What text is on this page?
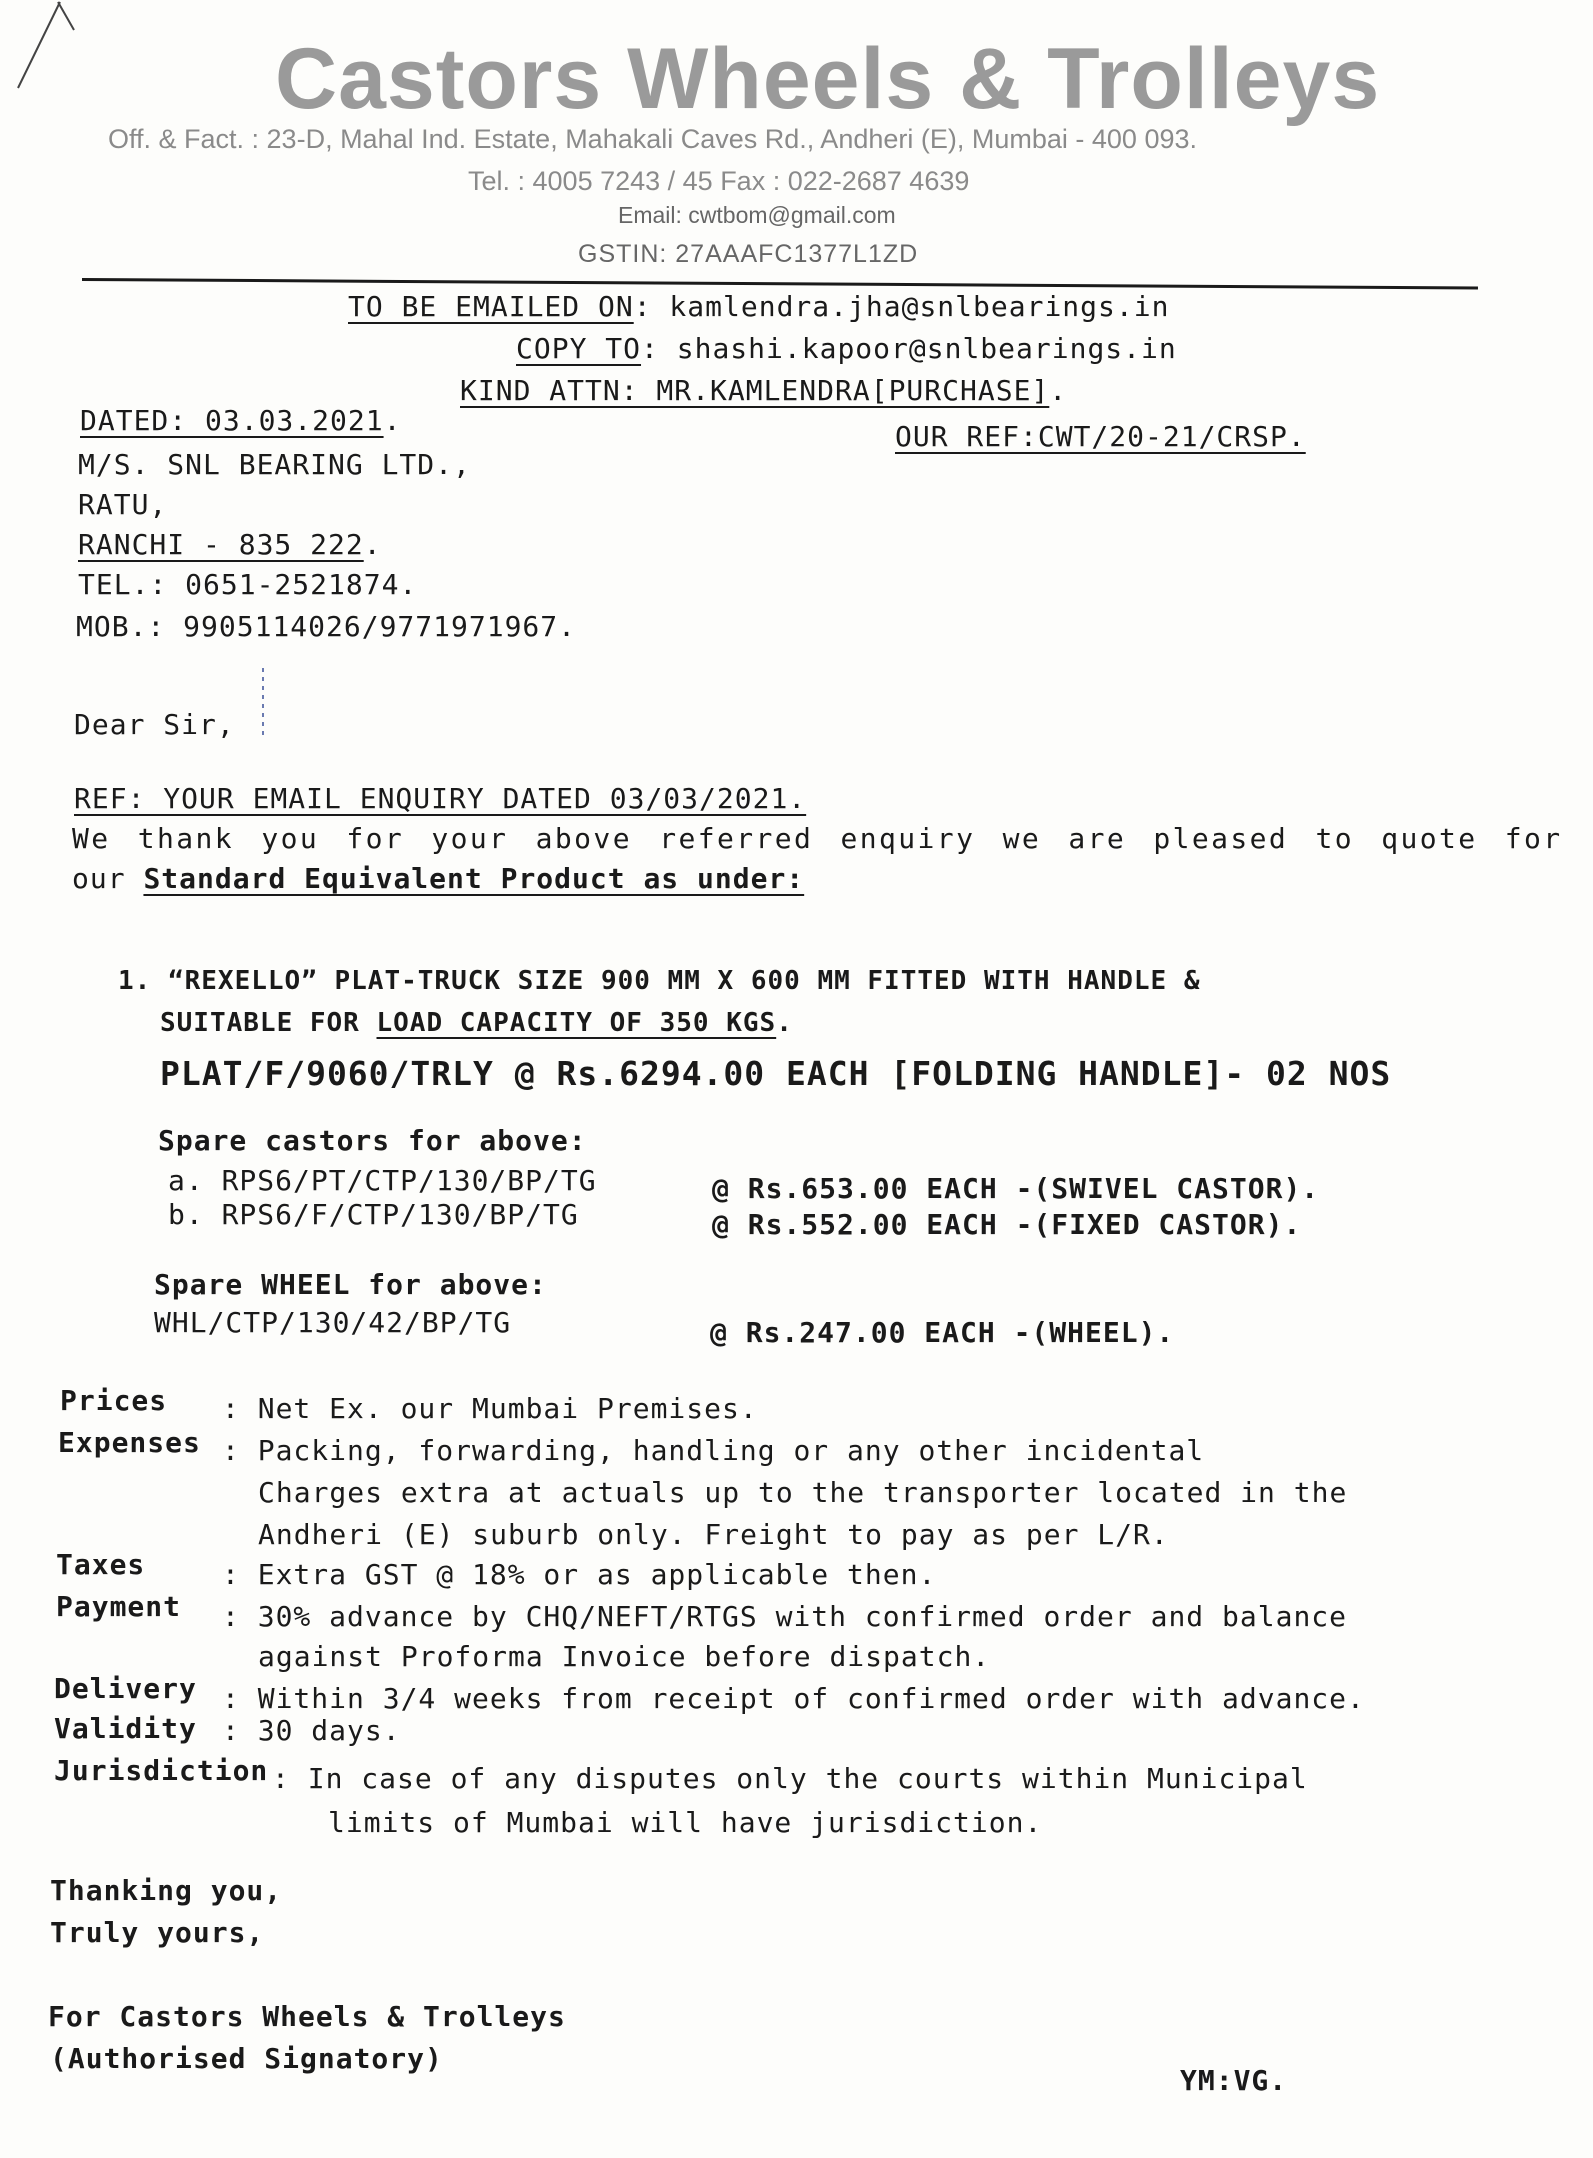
Castors Wheels & Trolleys
Off. & Fact. : 23-D, Mahal Ind. Estate, Mahakali Caves Rd., Andheri (E), Mumbai - 400 093.
Tel. : 4005 7243 / 45 Fax : 022-2687 4639
Email: cwtbom@gmail.com
GSTIN: 27AAAFC1377L1ZD
TO BE EMAILED ON: kamlendra.jha@snlbearings.in
COPY TO: shashi.kapoor@snlbearings.in
KIND ATTN: MR.KAMLENDRA[PURCHASE].
DATED: 03.03.2021.	OUR REF:CWT/20-21/CRSP.
M/S. SNL BEARING LTD.,
RATU,
RANCHI - 835 222.
TEL.: 0651-2521874.
MOB.: 9905114026/9771971967.
Dear Sir,
REF: YOUR EMAIL ENQUIRY DATED 03/03/2021.
We thank you for your above referred enquiry we are pleased to quote for
our Standard Equivalent Product as under:
1. “REXELLO” PLAT-TRUCK SIZE 900 MM X 600 MM FITTED WITH HANDLE &
SUITABLE FOR LOAD CAPACITY OF 350 KGS.
PLAT/F/9060/TRLY @ Rs.6294.00 EACH [FOLDING HANDLE]- 02 NOS
Spare castors for above:
a. RPS6/PT/CTP/130/BP/TG	@ Rs.653.00 EACH -(SWIVEL CASTOR).
b. RPS6/F/CTP/130/BP/TG	@ Rs.552.00 EACH -(FIXED CASTOR).
Spare WHEEL for above:
WHL/CTP/130/42/BP/TG	@ Rs.247.00 EACH -(WHEEL).
Prices : Net Ex. our Mumbai Premises.
Expenses : Packing, forwarding, handling or any other incidental
Charges extra at actuals up to the transporter located in the
Andheri (E) suburb only. Freight to pay as per L/R.
Taxes	: Extra GST @ 18% or as applicable then.
Payment : 30% advance by CHQ/NEFT/RTGS with confirmed order and balance
against Proforma Invoice before dispatch.
Delivery : Within 3/4 weeks from receipt of confirmed order with advance.
Validity : 30 days.
Jurisdiction : In case of any disputes only the courts within Municipal
limits of Mumbai will have jurisdiction.
Thanking you,
Truly yours,
For Castors Wheels & Trolleys
(Authorised Signatory)
YM:VG.
